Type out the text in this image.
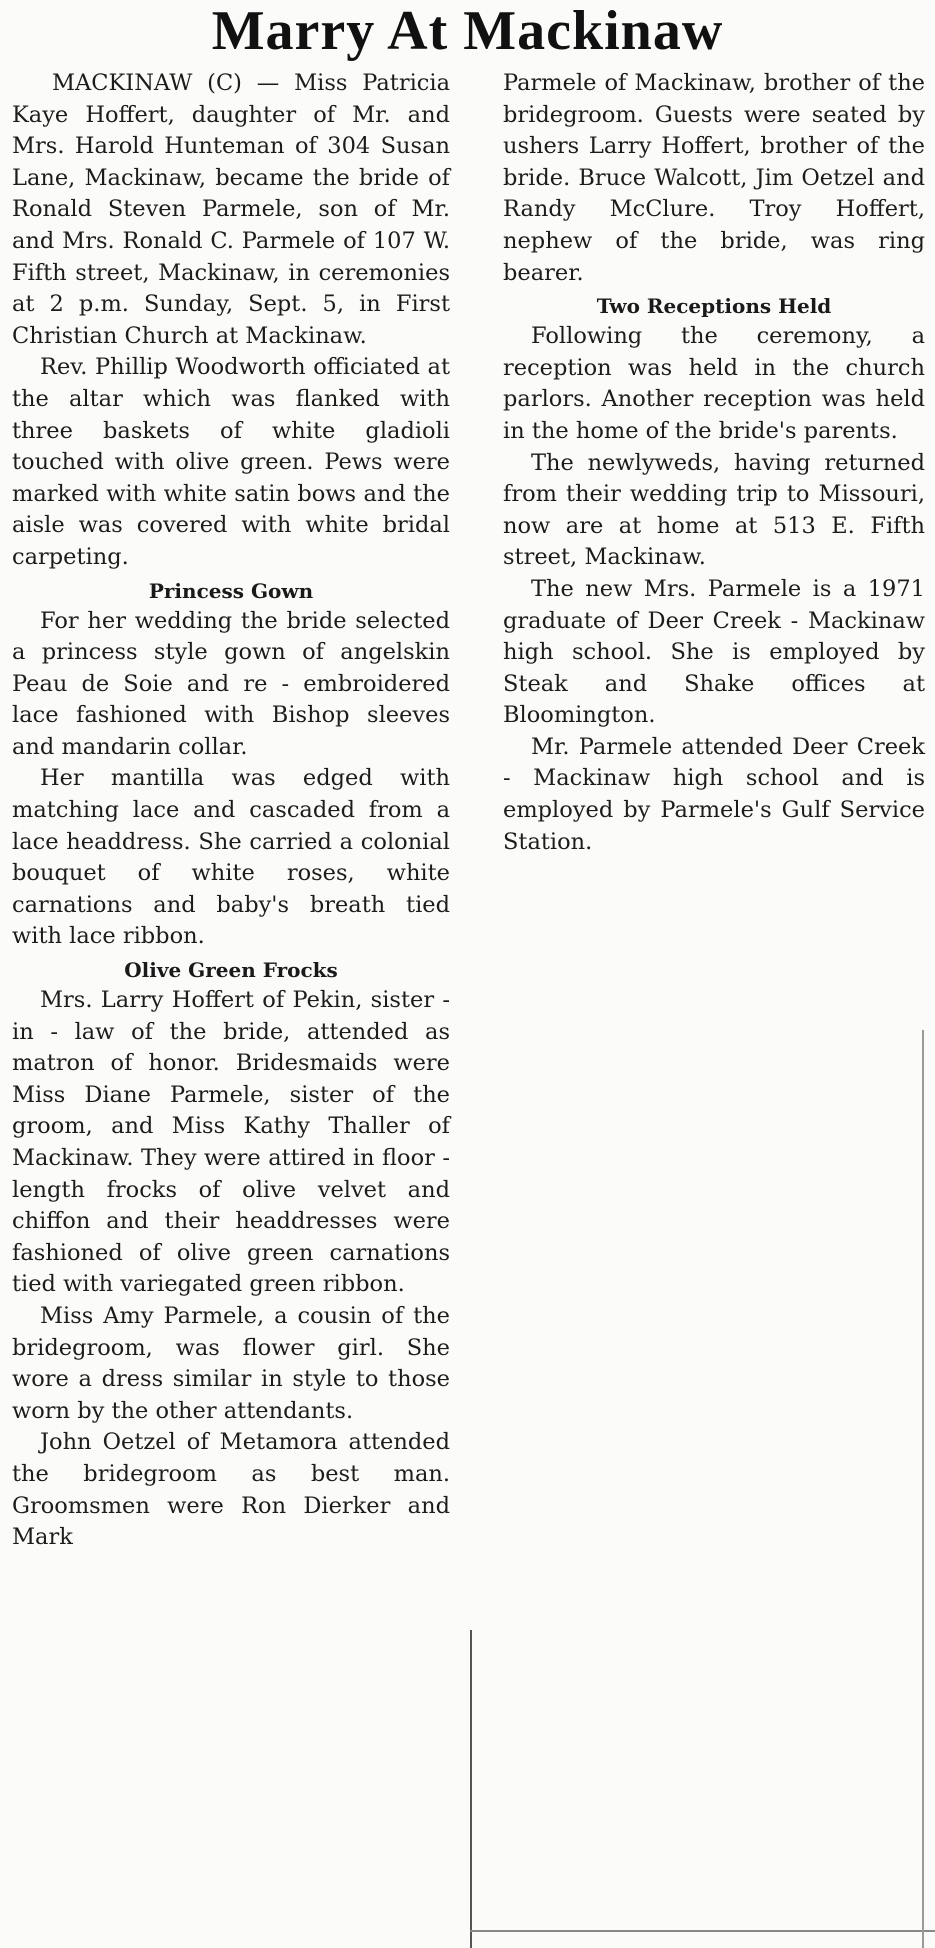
Marry At Mackinaw

MACKINAW (C) — Miss Patricia Kaye Hoffert, daughter of Mr. and Mrs. Harold Hunteman of 304 Susan Lane, Mackinaw, became the bride of Ronald Steven Parmele, son of Mr. and Mrs. Ronald C. Parmele of 107 W. Fifth street, Mackinaw, in ceremonies at 2 p.m. Sunday, Sept. 5, in First Christian Church at Mackinaw.

Rev. Phillip Woodworth officiated at the altar which was flanked with three baskets of white gladioli touched with olive green. Pews were marked with white satin bows and the aisle was covered with white bridal carpeting.

Princess Gown

For her wedding the bride selected a princess style gown of angelskin Peau de Soie and re - embroidered lace fashioned with Bishop sleeves and mandarin collar.

Her mantilla was edged with matching lace and cascaded from a lace headdress. She carried a colonial bouquet of white roses, white carnations and baby's breath tied with lace ribbon.

Olive Green Frocks

Mrs. Larry Hoffert of Pekin, sister - in - law of the bride, attended as matron of honor. Bridesmaids were Miss Diane Parmele, sister of the groom, and Miss Kathy Thaller of Mackinaw. They were attired in floor - length frocks of olive velvet and chiffon and their headdresses were fashioned of olive green carnations tied with variegated green ribbon.

Miss Amy Parmele, a cousin of the bridegroom, was flower girl. She wore a dress similar in style to those worn by the other attendants.

John Oetzel of Metamora attended the bridegroom as best man. Groomsmen were Ron Dierker and Mark

Parmele of Mackinaw, brother of the bridegroom. Guests were seated by ushers Larry Hoffert, brother of the bride. Bruce Walcott, Jim Oetzel and Randy McClure. Troy Hoffert, nephew of the bride, was ring bearer.

Two Receptions Held

Following the ceremony, a reception was held in the church parlors. Another reception was held in the home of the bride's parents.

The newlyweds, having returned from their wedding trip to Missouri, now are at home at 513 E. Fifth street, Mackinaw.

The new Mrs. Parmele is a 1971 graduate of Deer Creek - Mackinaw high school. She is employed by Steak and Shake offices at Bloomington.

Mr. Parmele attended Deer Creek - Mackinaw high school and is employed by Parmele's Gulf Service Station.
